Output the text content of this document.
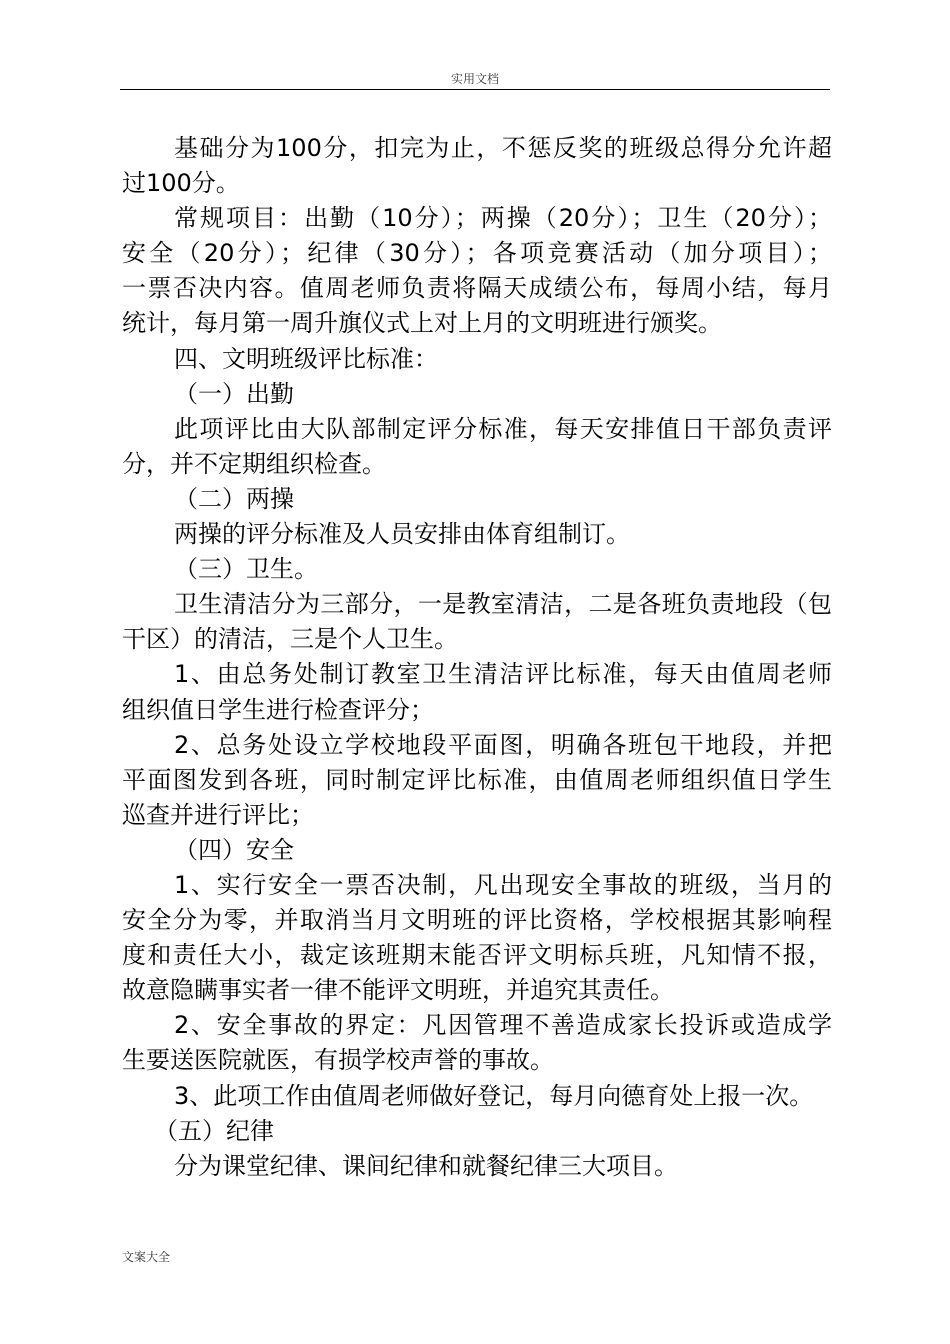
实用文档
基础分为100分，扣完为止，不惩反奖的班级总得分允许超
过100分。
常规项目：出勤（10分）；两操（20分）；卫生（20分）；
安全（20分）；纪律（30分）；各项竞赛活动（加分项目）；
一票否决内容。值周老师负责将隔天成绩公布，每周小结，每月
统计，每月第一周升旗仪式上对上月的文明班进行颁奖。
四、文明班级评比标准：
（一）出勤
此项评比由大队部制定评分标准，每天安排值日干部负责评
分，并不定期组织检查。
（二）两操
两操的评分标准及人员安排由体育组制订。
（三）卫生。
卫生清洁分为三部分，一是教室清洁，二是各班负责地段（包
干区）的清洁，三是个人卫生。
1、由总务处制订教室卫生清洁评比标准，每天由值周老师
组织值日学生进行检查评分；
2、总务处设立学校地段平面图，明确各班包干地段，并把
平面图发到各班，同时制定评比标准，由值周老师组织值日学生
巡查并进行评比；
（四）安全
1、实行安全一票否决制，凡出现安全事故的班级，当月的
安全分为零，并取消当月文明班的评比资格，学校根据其影响程
度和责任大小，裁定该班期末能否评文明标兵班，凡知情不报，
故意隐瞒事实者一律不能评文明班，并追究其责任。
2、安全事故的界定：凡因管理不善造成家长投诉或造成学
生要送医院就医，有损学校声誉的事故。
3、此项工作由值周老师做好登记，每月向德育处上报一次。
（五）纪律
分为课堂纪律、课间纪律和就餐纪律三大项目。
文案大全
